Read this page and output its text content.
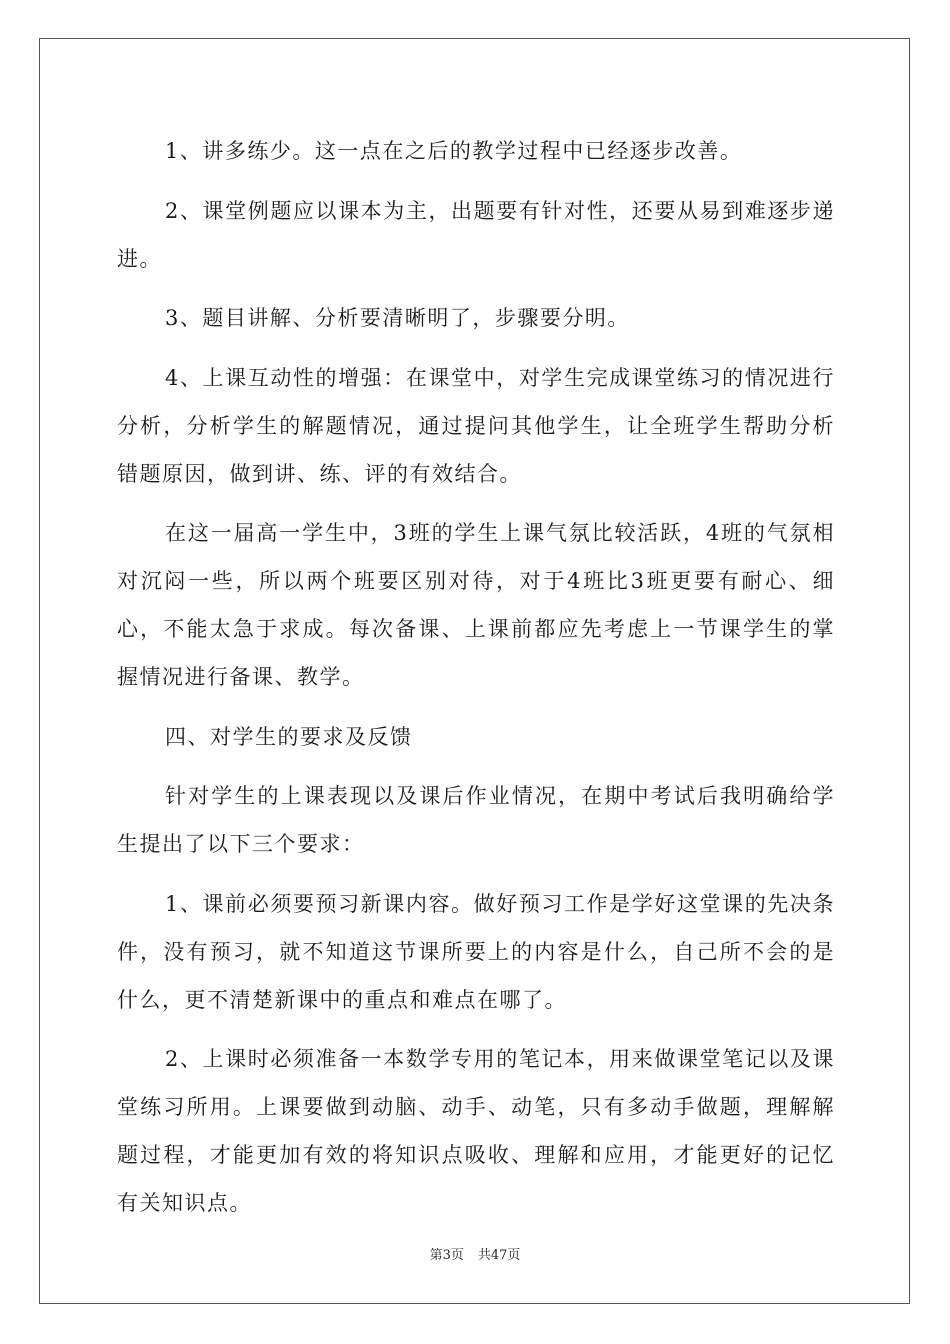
1、讲多练少。这一点在之后的教学过程中已经逐步改善。

2、课堂例题应以课本为主，出题要有针对性，还要从易到难逐步递进。

3、题目讲解、分析要清晰明了，步骤要分明。

4、上课互动性的增强：在课堂中，对学生完成课堂练习的情况进行分析，分析学生的解题情况，通过提问其他学生，让全班学生帮助分析错题原因，做到讲、练、评的有效结合。

在这一届高一学生中，3班的学生上课气氛比较活跃，4班的气氛相对沉闷一些，所以两个班要区别对待，对于4班比3班更要有耐心、细心，不能太急于求成。每次备课、上课前都应先考虑上一节课学生的掌握情况进行备课、教学。

四、对学生的要求及反馈

针对学生的上课表现以及课后作业情况，在期中考试后我明确给学生提出了以下三个要求：

1、课前必须要预习新课内容。做好预习工作是学好这堂课的先决条件，没有预习，就不知道这节课所要上的内容是什么，自己所不会的是什么，更不清楚新课中的重点和难点在哪了。

2、上课时必须准备一本数学专用的笔记本，用来做课堂笔记以及课堂练习所用。上课要做到动脑、动手、动笔，只有多动手做题，理解解题过程，才能更加有效的将知识点吸收、理解和应用，才能更好的记忆有关知识点。

第3页 共47页
